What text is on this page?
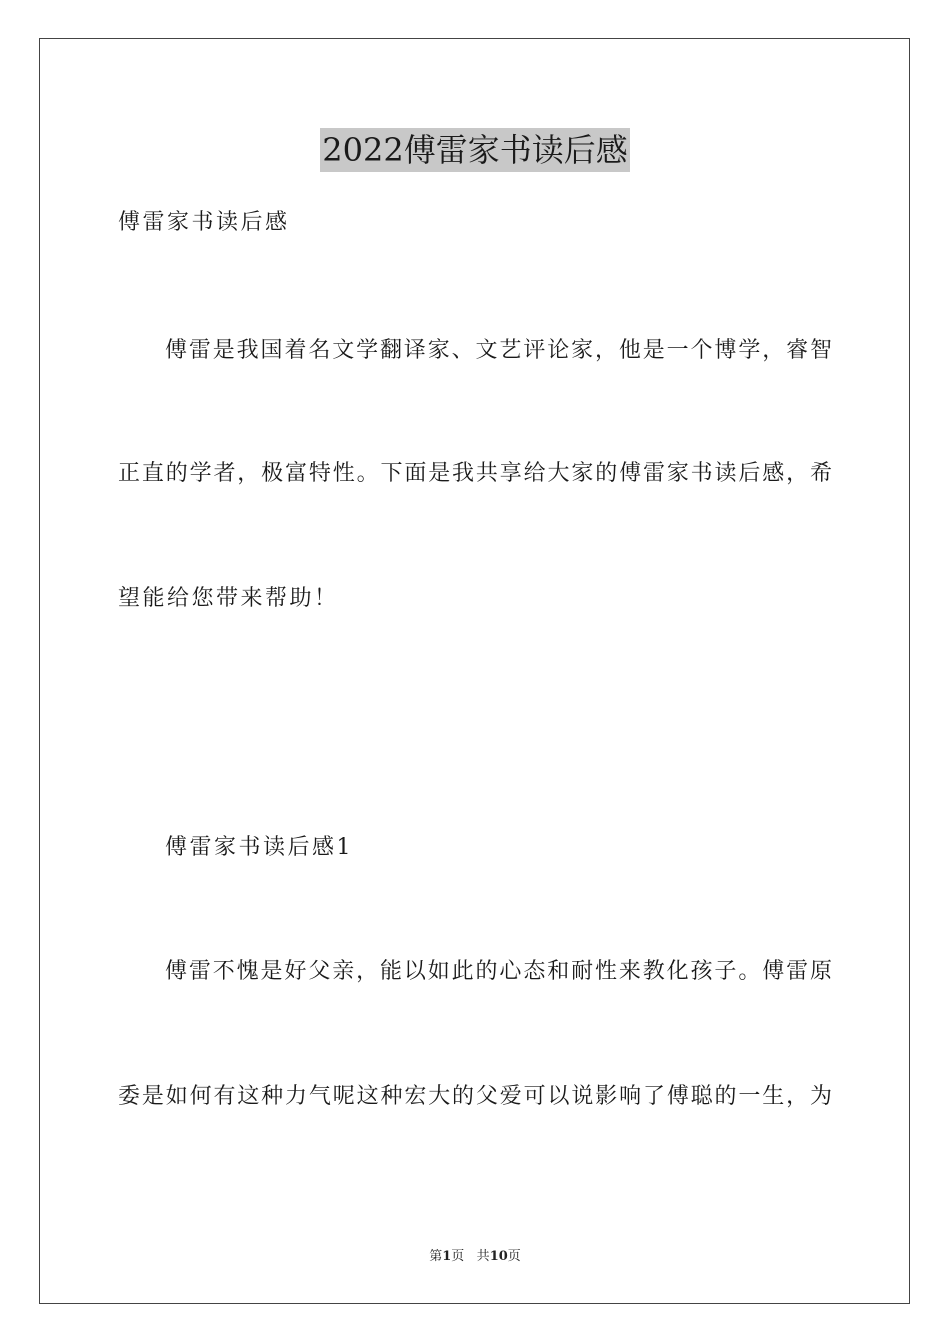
2022傅雷家书读后感
傅雷家书读后感
傅雷是我国着名文学翻译家、文艺评论家，他是一个博学，睿智
正直的学者，极富特性。下面是我共享给大家的傅雷家书读后感，希
望能给您带来帮助！
傅雷家书读后感1
傅雷不愧是好父亲，能以如此的心态和耐性来教化孩子。傅雷原
委是如何有这种力气呢这种宏大的父爱可以说影响了傅聪的一生，为
第1页 共10页
